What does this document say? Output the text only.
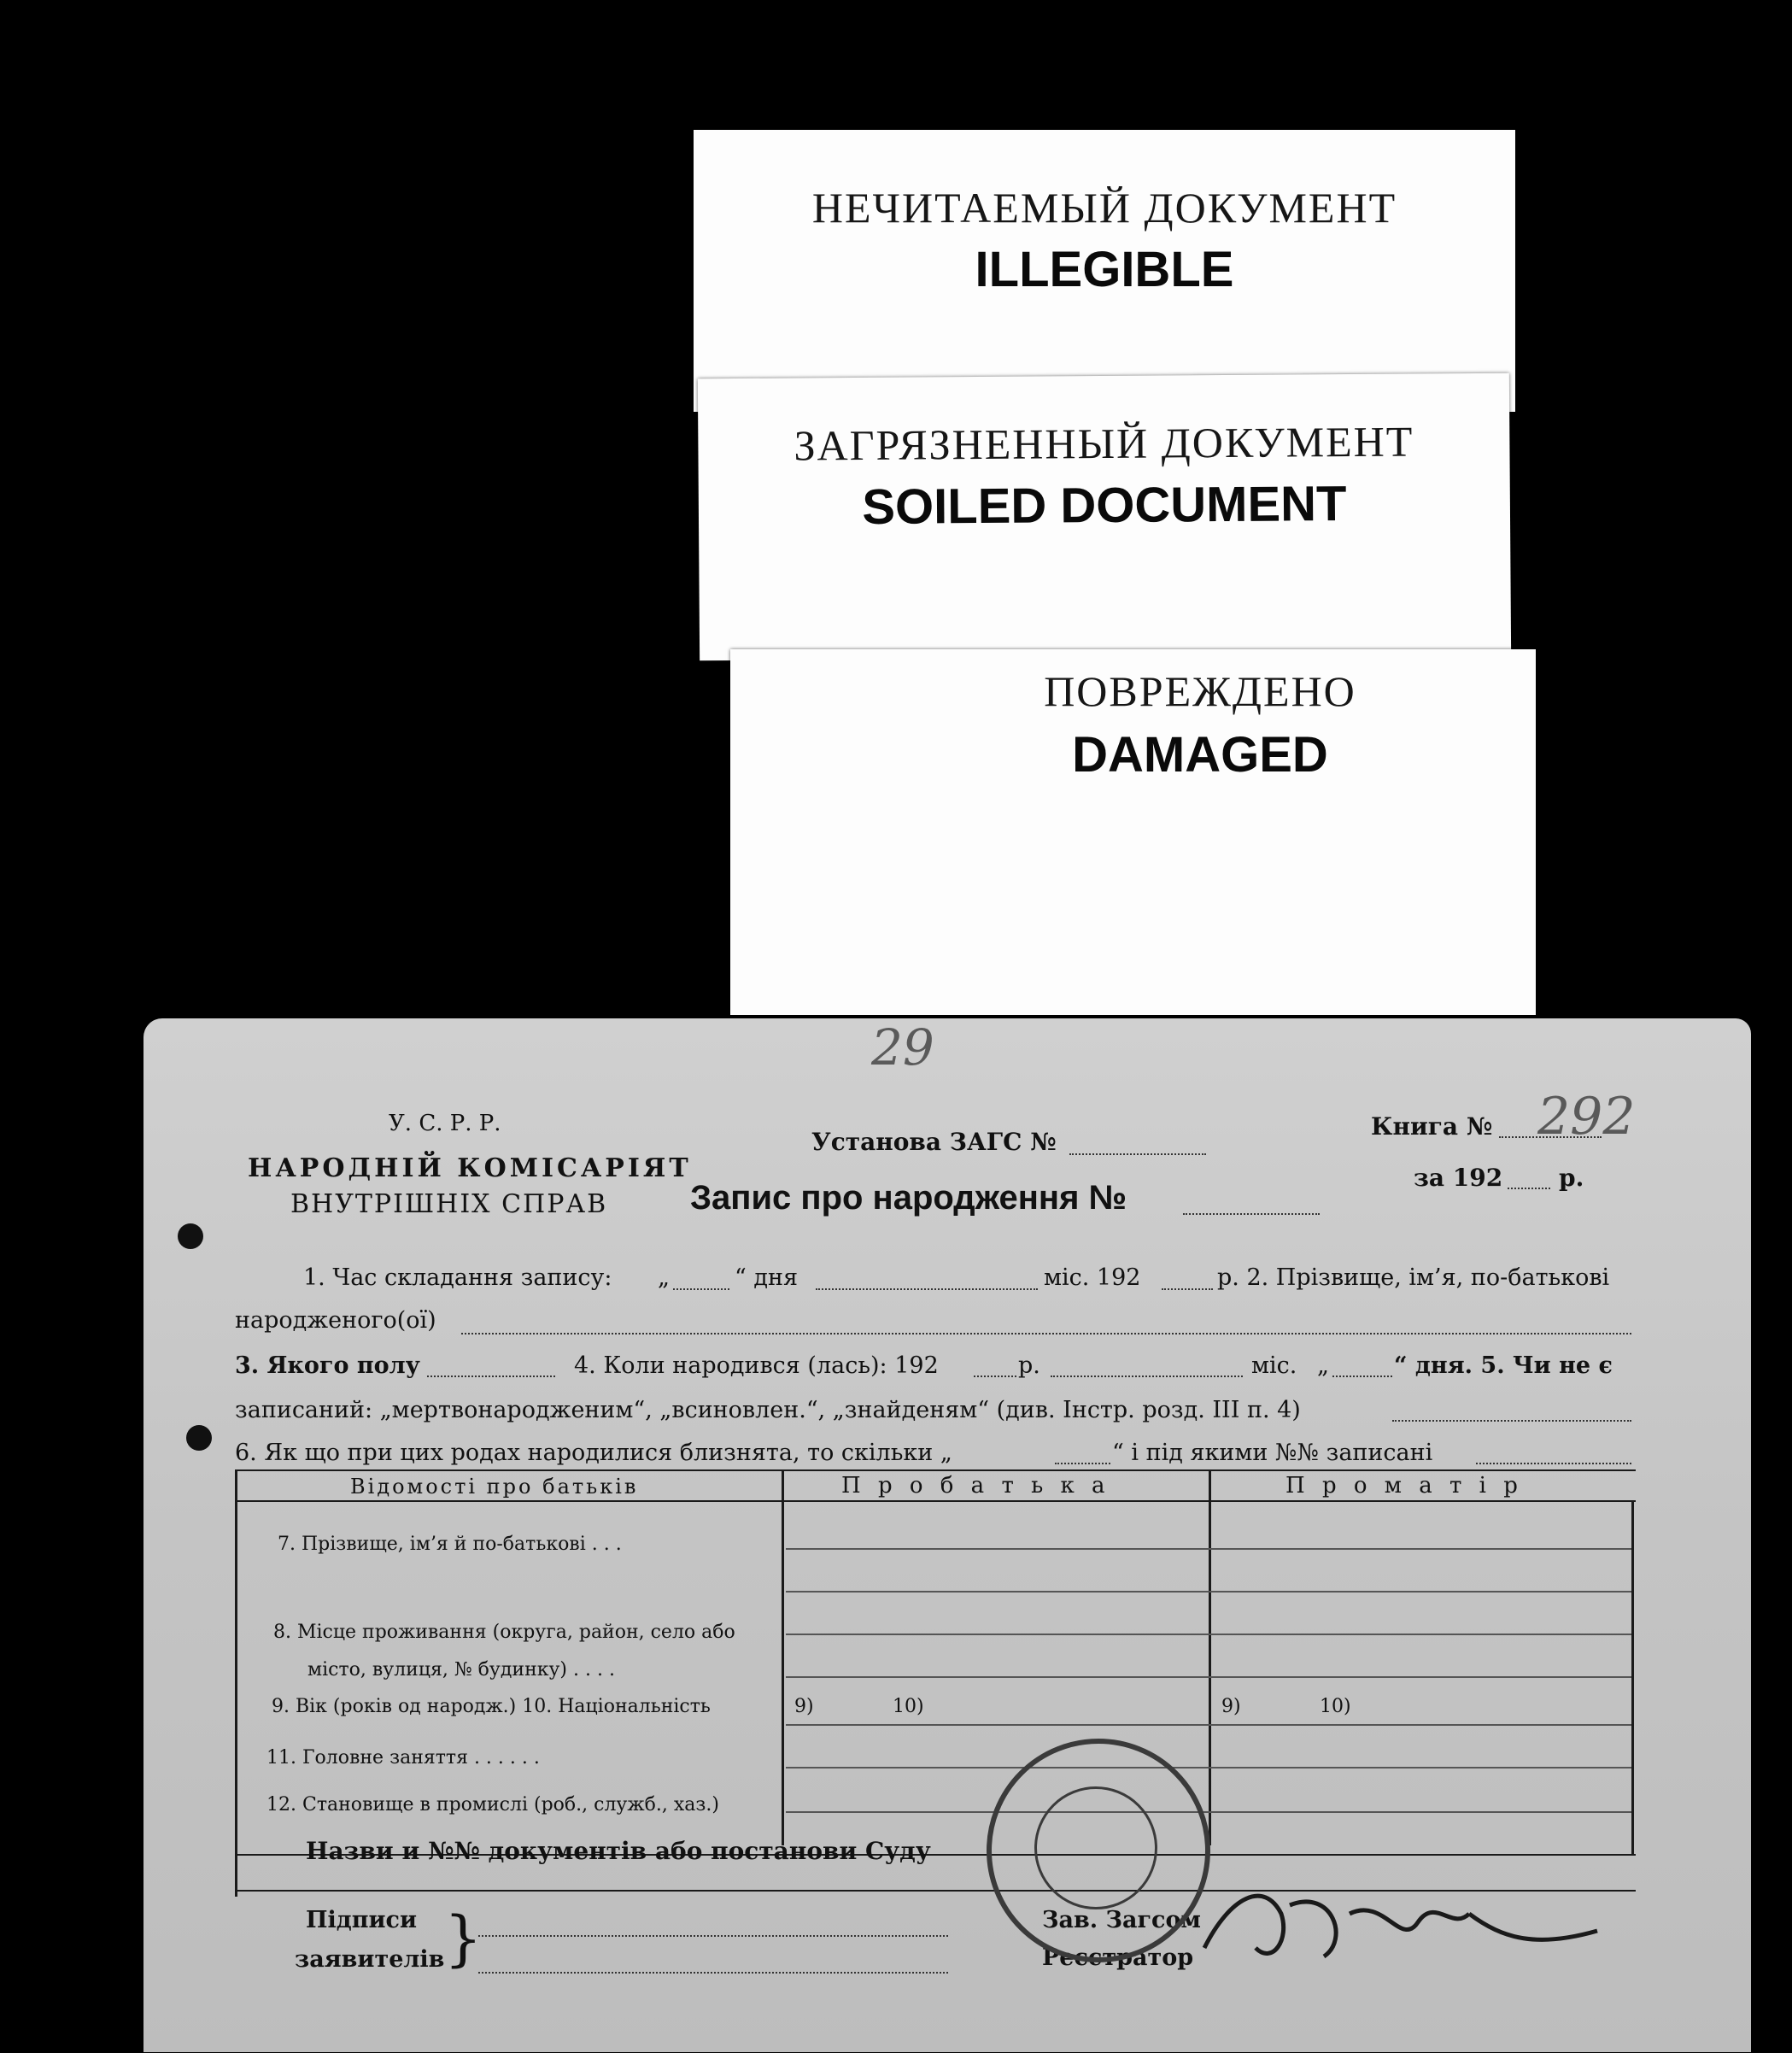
НЕЧИТАЕМЫЙ ДОКУМЕНТ
ILLEGIBLE
ЗАГРЯЗНЕННЫЙ ДОКУМЕНТ
SOILED DOCUMENT
ПОВРЕЖДЕНО
DAMAGED
29
У. С. Р. Р.
НАРОДНІЙ КОМІСАРІЯТ
ВНУТРІШНІХ СПРАВ
Установа ЗАГС №
Книга № 292
за 192 р.
Запис про народження №
1. Час складання запису: „	“ дня	міс. 192	р. 2. Прізвище, ім’я, по-батькові
народженого(ої)
3. Якого полу	4. Коли народився (лась): 192	р.	міс. „	“ дня. 5. Чи не є
записаний: „мертвонародженим“, „всиновлен.“, „знайденям“ (див. Інстр. розд. III п. 4)
6. Як що при цих родах народилися близнята, то скільки „	“ і під якими №№ записані
Відомості про батьків	П р о б а т ь к а	П р о м а т і р
7. Прізвище, ім’я й по-батькові . . .
8. Місце проживання (округа, район, село або
місто, вулиця, № будинку) . . . .
9. Вік (років од народж.) 10. Національність	9)	10)	9)	10)
11. Головне заняття . . . . . .
12. Становище в промислі (роб., служб., хаз.)
Назви и №№ документів або постанови Суду
Підписи
заявителів }	Зав. Загсом
Реєстратор
